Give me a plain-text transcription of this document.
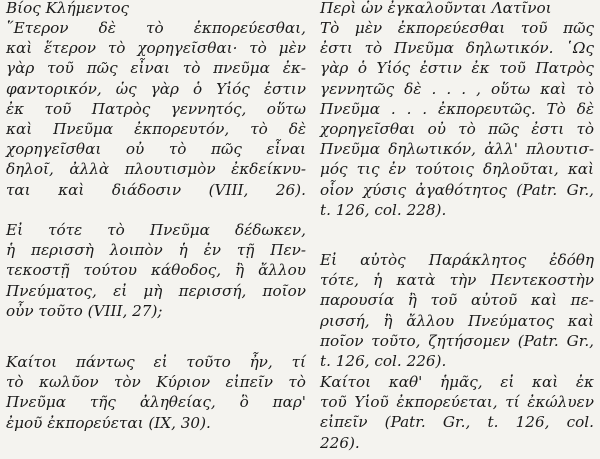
Βίος Κλήμεντος
῞Ετερον δὲ τὸ ἐκπορεύεσθαι,
καὶ ἕτερον τὸ χορηγεῖσθαι· τὸ μὲν
γὰρ τοῦ πῶς εἶναι τὸ πνεῦμα ἐκ-
φαντορικόν, ὡς γὰρ ὁ Υἱός ἐστιν
ἐκ τοῦ Πατρὸς γεννητός, οὕτω
καὶ Πνεῦμα ἐκπορευτόν, τὸ δὲ
χορηγεῖσθαι οὐ τὸ πῶς εἶναι
δηλοῖ, ἀλλὰ πλουτισμὸν ἐκδείκνυ-
ται καὶ διάδοσιν (VIII, 26).
Εἰ τότε τὸ Πνεῦμα δέδωκεν,
ἡ περισσὴ λοιπὸν ἡ ἐν τῇ Πεν-
τεκοστῇ τούτου κάθοδος, ἢ ἄλλου
Πνεύματος, εἰ μὴ περισσή, ποῖον
οὖν τοῦτο (VIII, 27);
Καίτοι πάντως εἰ τοῦτο ἦν, τί
τὸ κωλῦον τὸν Κύριον εἰπεῖν τὸ
Πνεῦμα τῆς ἀληθείας, ὃ παρ'
ἐμοῦ ἐκπορεύεται (IX, 30).
Περὶ ὧν ἐγκαλοῦνται Λατῖνοι
Τὸ μὲν ἐκπορεύεσθαι τοῦ πῶς
ἐστι τὸ Πνεῦμα δηλωτικόν. ῾Ως
γὰρ ὁ Υἱός ἐστιν ἐκ τοῦ Πατρὸς
γεννητῶς δὲ . . . , οὕτω καὶ τὸ
Πνεῦμα . . . ἐκπορευτῶς. Τὸ δὲ
χορηγεῖσθαι οὐ τὸ πῶς ἐστι τὸ
Πνεῦμα δηλωτικόν, ἀλλ' πλουτισ-
μός τις ἐν τούτοις δηλοῦται, καὶ
οἷον χύσις ἀγαθότητος (Patr. Gr.,
t. 126, col. 228).
Εἰ αὐτὸς Παράκλητος ἐδόθη
τότε, ἡ κατὰ τὴν Πεντεκοστὴν
παρουσία ἢ τοῦ αὐτοῦ καὶ πε-
ρισσή, ἢ ἄλλου Πνεύματος καὶ
ποῖον τοῦτο, ζητήσομεν (Patr. Gr.,
t. 126, col. 226).
Καίτοι καθ' ἡμᾶς, εἰ καὶ ἐκ
τοῦ Υἱοῦ ἐκπορεύεται, τί ἐκώλυεν
εἰπεῖν (Patr. Gr., t. 126, col.
226).
